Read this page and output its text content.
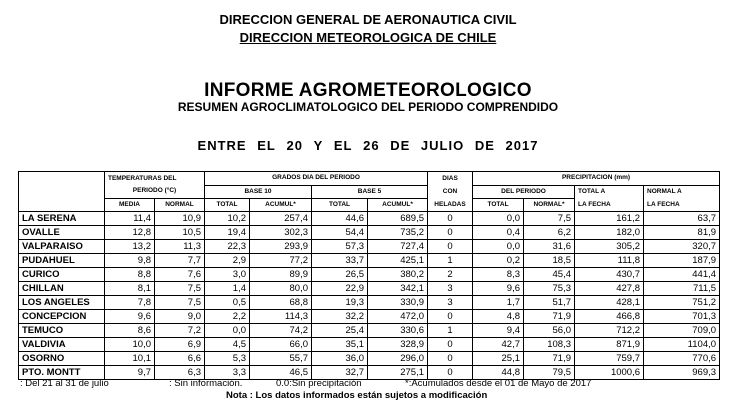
DIRECCION GENERAL DE AERONAUTICA CIVIL
DIRECCION METEOROLOGICA DE CHILE
INFORME AGROMETEOROLOGICO
RESUMEN AGROCLIMATOLOGICO DEL PERIODO COMPRENDIDO
ENTRE EL 20 Y EL 26 DE JULIO DE 2017
	TEMPERATURAS DEL		GRADOS DIA DEL PERIODO				DIAS	PRECIPITACION (mm)			
	PERIODO (°C)		BASE 10		BASE 5		CON	DEL PERIODO		TOTAL A	NORMAL A
	MEDIA	NORMAL	TOTAL	ACUMUL*	TOTAL	ACUMUL*	HELADAS	TOTAL	NORMAL*	LA FECHA	LA FECHA
LA SERENA	11,4	10,9	10,2	257,4	44,6	689,5	0	0,0	7,5	161,2	63,7
OVALLE	12,8	10,5	19,4	302,3	54,4	735,2	0	0,4	6,2	182,0	81,9
VALPARAISO	13,2	11,3	22,3	293,9	57,3	727,4	0	0,0	31,6	305,2	320,7
PUDAHUEL	9,8	7,7	2,9	77,2	33,7	425,1	1	0,2	18,5	111,8	187,9
CURICO	8,8	7,6	3,0	89,9	26,5	380,2	2	8,3	45,4	430,7	441,4
CHILLAN	8,1	7,5	1,4	80,0	22,9	342,1	3	9,6	75,3	427,8	711,5
LOS ANGELES	7,8	7,5	0,5	68,8	19,3	330,9	3	1,7	51,7	428,1	751,2
CONCEPCION	9,6	9,0	2,2	114,3	32,2	472,0	0	4,8	71,9	466,8	701,3
TEMUCO	8,6	7,2	0,0	74,2	25,4	330,6	1	9,4	56,0	712,2	709,0
VALDIVIA	10,0	6,9	4,5	66,0	35,1	328,9	0	42,7	108,3	871,9	1104,0
OSORNO	10,1	6,6	5,3	55,7	36,0	296,0	0	25,1	71,9	759,7	770,6
PTO. MONTT	9,7	6,3	3,3	46,5	32,7	275,1	0	44,8	79,5	1000,6	969,3
: Del 21 al 31 de julio	: Sin información.	0.0:Sin precipitación	*:Acumulados desde el 01 de Mayo de 2017
Nota : Los datos informados están sujetos a modificación
